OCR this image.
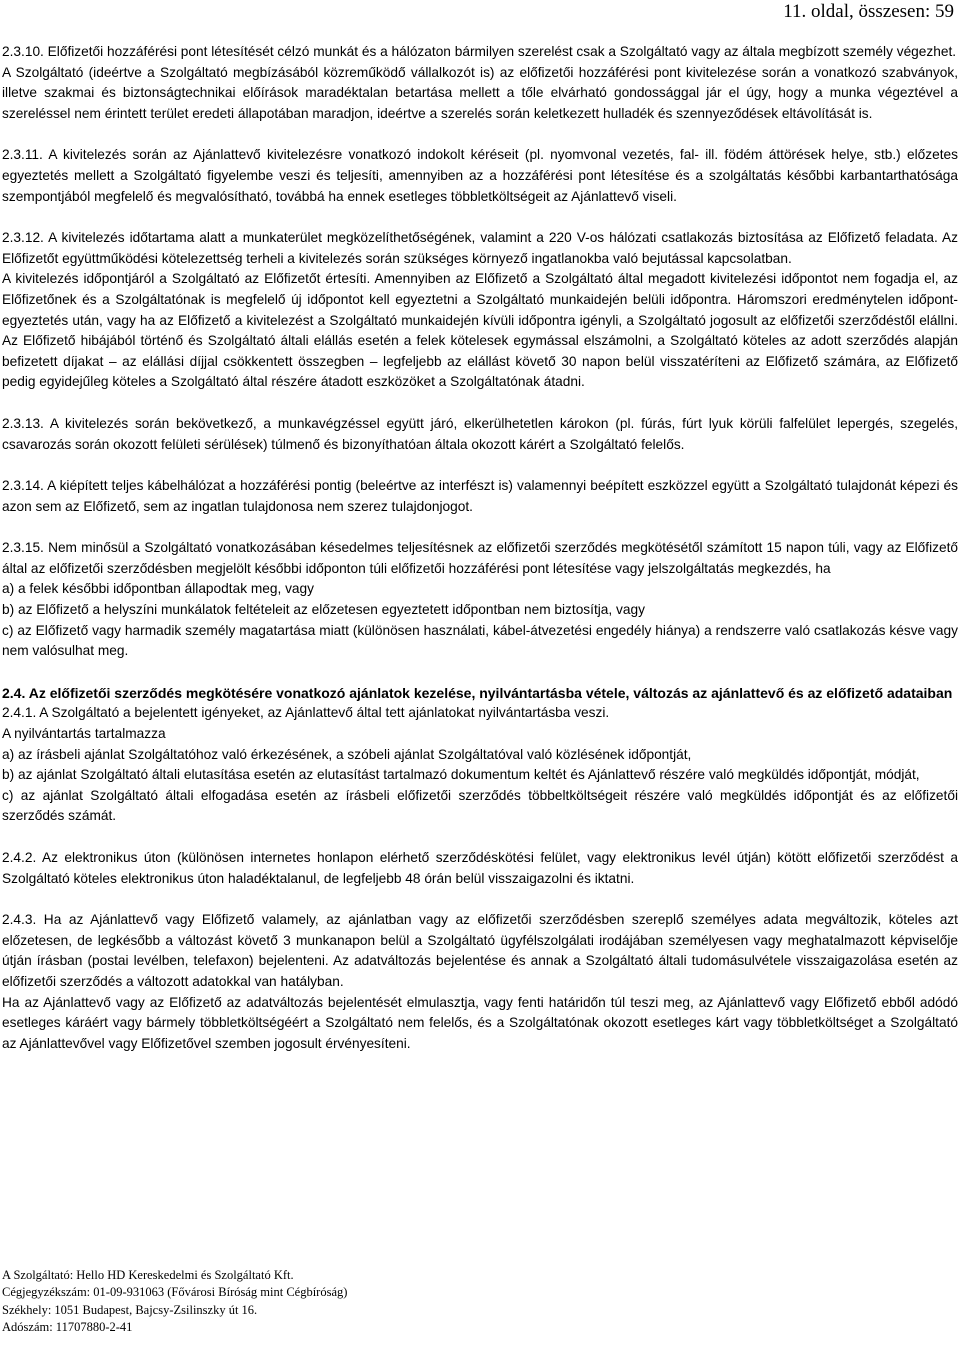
11. oldal, összesen: 59

2.3.10. Előfizetői hozzáférési pont létesítését célzó munkát és a hálózaton bármilyen szerelést csak a Szolgáltató vagy az általa megbízott személy végezhet.

A Szolgáltató (ideértve a Szolgáltató megbízásából közreműködő vállalkozót is) az előfizetői hozzáférési pont kivitelezése során a vonatkozó szabványok, illetve szakmai és biztonságtechnikai előírások maradéktalan betartása mellett a tőle elvárható gondossággal jár el úgy, hogy a munka végeztével a szereléssel nem érintett terület eredeti állapotában maradjon, ideértve a szerelés során keletkezett hulladék és szennyeződések eltávolítását is.

2.3.11. A kivitelezés során az Ajánlattevő kivitelezésre vonatkozó indokolt kéréseit (pl. nyomvonal vezetés, fal- ill. födém áttörések helye, stb.) előzetes egyeztetés mellett a Szolgáltató figyelembe veszi és teljesíti, amennyiben az a hozzáférési pont létesítése és a szolgáltatás későbbi karbantarthatósága szempontjából megfelelő és megvalósítható, továbbá ha ennek esetleges többletköltségeit az Ajánlattevő viseli.

2.3.12. A kivitelezés időtartama alatt a munkaterület megközelíthetőségének, valamint a 220 V-os hálózati csatlakozás biztosítása az Előfizető feladata. Az Előfizetőt együttműködési kötelezettség terheli a kivitelezés során szükséges környező ingatlanokba való bejutással kapcsolatban.

A kivitelezés időpontjáról a Szolgáltató az Előfizetőt értesíti. Amennyiben az Előfizető a Szolgáltató által megadott kivitelezési időpontot nem fogadja el, az Előfizetőnek és a Szolgáltatónak is megfelelő új időpontot kell egyeztetni a Szolgáltató munkaidején belüli időpontra. Háromszori eredménytelen időpont-egyeztetés után, vagy ha az Előfizető a kivitelezést a Szolgáltató munkaidején kívüli időpontra igényli, a Szolgáltató jogosult az előfizetői szerződéstől elállni. Az Előfizető hibájából történő és Szolgáltató általi elállás esetén a felek kötelesek egymással elszámolni, a Szolgáltató köteles az adott szerződés alapján befizetett díjakat – az elállási díjjal csökkentett összegben – legfeljebb az elállást követő 30 napon belül visszatéríteni az Előfizető számára, az Előfizető pedig egyidejűleg köteles a Szolgáltató által részére átadott eszközöket a Szolgáltatónak átadni.

2.3.13. A kivitelezés során bekövetkező, a munkavégzéssel együtt járó, elkerülhetetlen károkon (pl. fúrás, fúrt lyuk körüli falfelület lepergés, szegelés, csavarozás során okozott felületi sérülések) túlmenő és bizonyíthatóan általa okozott kárért a Szolgáltató felelős.

2.3.14. A kiépített teljes kábelhálózat a hozzáférési pontig (beleértve az interfészt is) valamennyi beépített eszközzel együtt a Szolgáltató tulajdonát képezi és azon sem az Előfizető, sem az ingatlan tulajdonosa nem szerez tulajdonjogot.

2.3.15. Nem minősül a Szolgáltató vonatkozásában késedelmes teljesítésnek az előfizetői szerződés megkötésétől számított 15 napon túli, vagy az Előfizető által az előfizetői szerződésben megjelölt későbbi időponton túli előfizetői hozzáférési pont létesítése vagy jelszolgáltatás megkezdés, ha

a) a felek későbbi időpontban állapodtak meg, vagy

b) az Előfizető a helyszíni munkálatok feltételeit az előzetesen egyeztetett időpontban nem biztosítja, vagy

c) az Előfizető vagy harmadik személy magatartása miatt (különösen használati, kábel-átvezetési engedély hiánya) a rendszerre való csatlakozás késve vagy nem valósulhat meg.

2.4. Az előfizetői szerződés megkötésére vonatkozó ajánlatok kezelése, nyilvántartásba vétele, változás az ajánlattevő és az előfizető adataiban

2.4.1. A Szolgáltató a bejelentett igényeket, az Ajánlattevő által tett ajánlatokat nyilvántartásba veszi.

A nyilvántartás tartalmazza

a) az írásbeli ajánlat Szolgáltatóhoz való érkezésének, a szóbeli ajánlat Szolgáltatóval való közlésének időpontját,

b) az ajánlat Szolgáltató általi elutasítása esetén az elutasítást tartalmazó dokumentum keltét és Ajánlattevő részére való megküldés időpontját, módját,

c) az ajánlat Szolgáltató általi elfogadása esetén az írásbeli előfizetői szerződés többeltköltségeit részére való megküldés időpontját és az előfizetői szerződés számát.

2.4.2. Az elektronikus úton (különösen internetes honlapon elérhető szerződéskötési felület, vagy elektronikus levél útján) kötött előfizetői szerződést a Szolgáltató köteles elektronikus úton haladéktalanul, de legfeljebb 48 órán belül visszaigazolni és iktatni.

2.4.3. Ha az Ajánlattevő vagy Előfizető valamely, az ajánlatban vagy az előfizetői szerződésben szereplő személyes adata megváltozik, köteles azt előzetesen, de legkésőbb a változást követő 3 munkanapon belül a Szolgáltató ügyfélszolgálati irodájában személyesen vagy meghatalmazott képviselője útján írásban (postai levélben, telefaxon) bejelenteni. Az adatváltozás bejelentése és annak a Szolgáltató általi tudomásulvétele visszaigazolása esetén az előfizetői szerződés a változott adatokkal van hatályban.

Ha az Ajánlattevő vagy az Előfizető az adatváltozás bejelentését elmulasztja, vagy fenti határidőn túl teszi meg, az Ajánlattevő vagy Előfizető ebből adódó esetleges káráért vagy bármely többletköltségéért a Szolgáltató nem felelős, és a Szolgáltatónak okozott esetleges kárt vagy többletköltséget a Szolgáltató az Ajánlattevővel vagy Előfizetővel szemben jogosult érvényesíteni.

A Szolgáltató: Hello HD Kereskedelmi és Szolgáltató Kft.
Cégjegyzékszám: 01-09-931063 (Fővárosi Bíróság mint Cégbíróság)
Székhely: 1051 Budapest, Bajcsy-Zsilinszky út 16.
Adószám: 11707880-2-41
